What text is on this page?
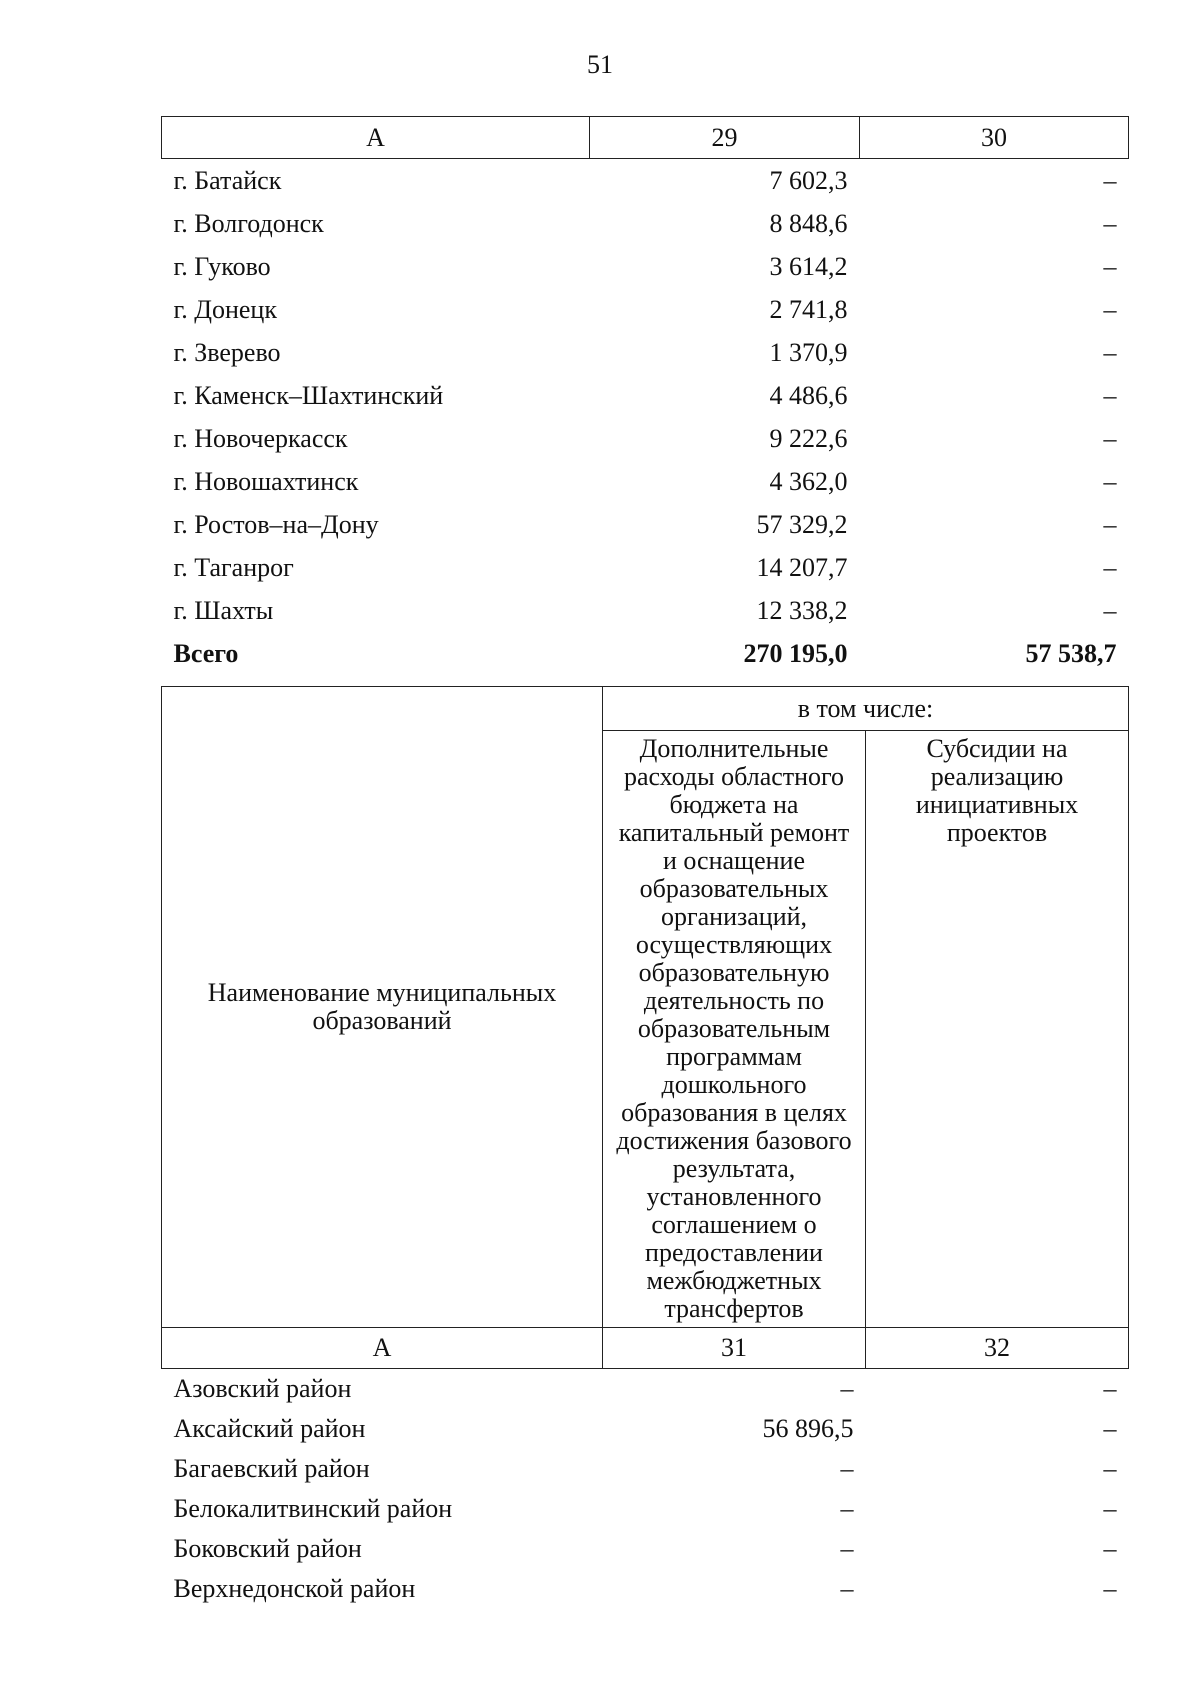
51
А	29	30
г. Батайск	7 602,3	–
г. Волгодонск	8 848,6	–
г. Гуково	3 614,2	–
г. Донецк	2 741,8	–
г. Зверево	1 370,9	–
г. Каменск–Шахтинский	4 486,6	–
г. Новочеркасск	9 222,6	–
г. Новошахтинск	4 362,0	–
г. Ростов–на–Дону	57 329,2	–
г. Таганрог	14 207,7	–
г. Шахты	12 338,2	–
Всего	270 195,0	57 538,7
Наименование муниципальных образований	в том числе:	
	Дополнительные расходы областного бюджета на капитальный ремонт и оснащение образовательных организаций, осуществляющих образовательную деятельность по образовательным программам дошкольного образования в целях достижения базового результата, установленного соглашением о предоставлении межбюджетных трансфертов	Субсидии на реализацию инициативных проектов
А	31	32
Азовский район	–	–
Аксайский район	56 896,5	–
Багаевский район	–	–
Белокалитвинский район	–	–
Боковский район	–	–
Верхнедонской район	–	–
